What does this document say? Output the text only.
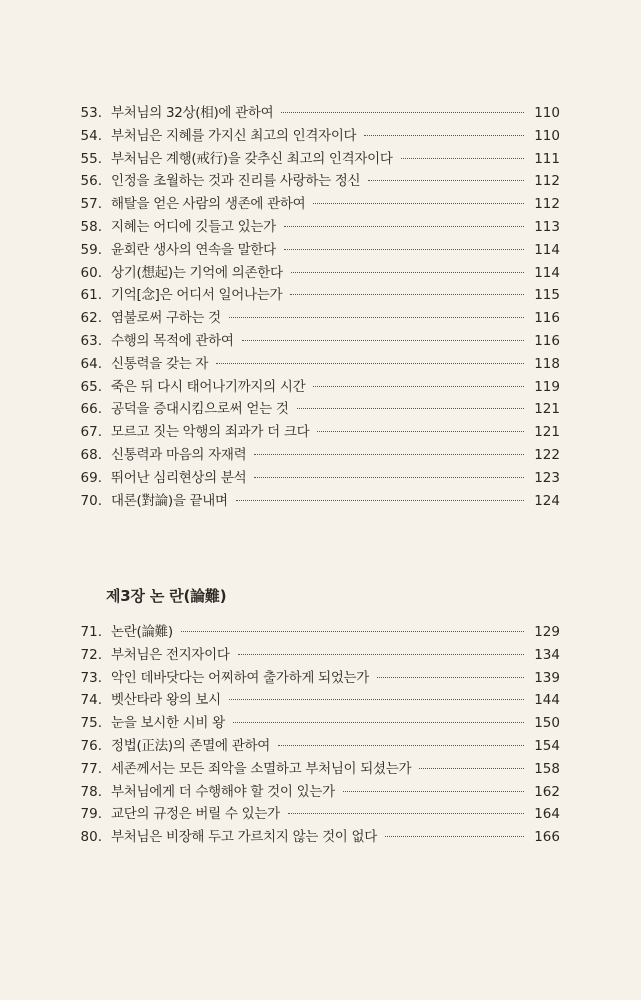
53. 부처님의 32상(相)에 관하여	110
54. 부처님은 지혜를 가지신 최고의 인격자이다	110
55. 부처님은 계행(戒行)을 갖추신 최고의 인격자이다	111
56. 인정을 초월하는 것과 진리를 사랑하는 정신	112
57. 해탈을 얻은 사람의 생존에 관하여	112
58. 지혜는 어디에 깃들고 있는가	113
59. 윤회란 생사의 연속을 말한다	114
60. 상기(想起)는 기억에 의존한다	114
61. 기억[念]은 어디서 일어나는가	115
62. 염불로써 구하는 것	116
63. 수행의 목적에 관하여	116
64. 신통력을 갖는 자	118
65. 죽은 뒤 다시 태어나기까지의 시간	119
66. 공덕을 증대시킴으로써 얻는 것	121
67. 모르고 짓는 악행의 죄과가 더 크다	121
68. 신통력과 마음의 자재력	122
69. 뛰어난 심리현상의 분석	123
70. 대론(對論)을 끝내며	124
제3장 논 란(論難)
71. 논란(論難)	129
72. 부처님은 전지자이다	134
73. 악인 데바닷다는 어찌하여 출가하게 되었는가	139
74. 벳산타라 왕의 보시	144
75. 눈을 보시한 시비 왕	150
76. 정법(正法)의 존멸에 관하여	154
77. 세존께서는 모든 죄악을 소멸하고 부처님이 되셨는가	158
78. 부처님에게 더 수행해야 할 것이 있는가	162
79. 교단의 규정은 버릴 수 있는가	164
80. 부처님은 비장해 두고 가르치지 않는 것이 없다	166
